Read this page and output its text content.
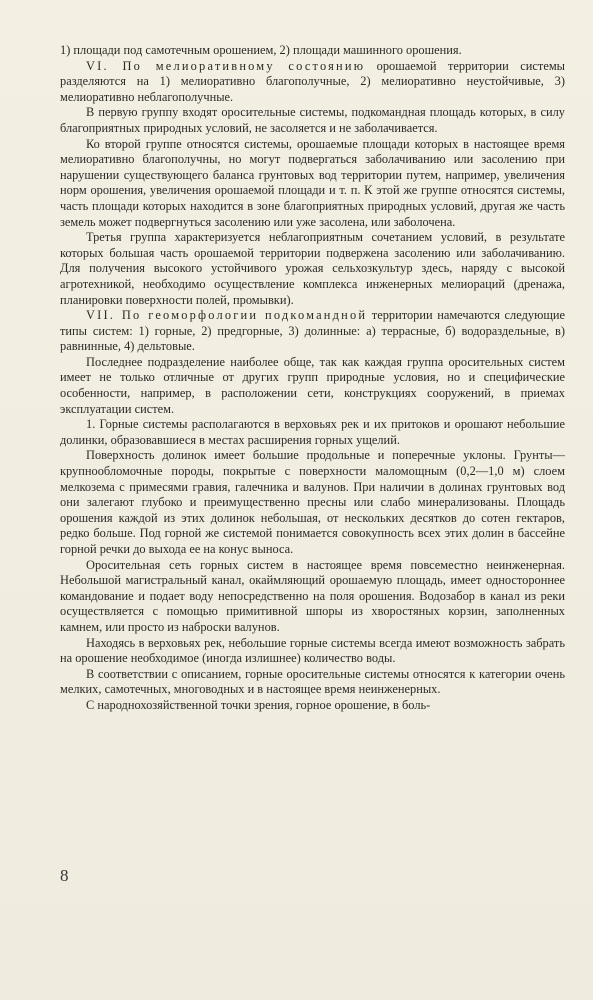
1) площади под самотечным орошением, 2) площади машинного орошения.

VI. По мелиоративному состоянию орошаемой территории системы разделяются на 1) мелиоративно благополучные, 2) мелиоративно неустойчивые, 3) мелиоративно неблагополучные.

В первую группу входят оросительные системы, подкомандная площадь которых, в силу благоприятных природных условий, не засоляется и не заболачивается.

Ко второй группе относятся системы, орошаемые площади которых в настоящее время мелиоративно благополучны, но могут подвергаться заболачиванию или засолению при нарушении существующего баланса грунтовых вод территории путем, например, увеличения норм орошения, увеличения орошаемой площади и т. п. К этой же группе относятся системы, часть площади которых находится в зоне благоприятных природных условий, другая же часть земель может подвергнуться засолению или уже засолена, или заболочена.

Третья группа характеризуется неблагоприятным сочетанием условий, в результате которых большая часть орошаемой территории подвержена засолению или заболачиванию. Для получения высокого устойчивого урожая сельхозкультур здесь, наряду с высокой агротехникой, необходимо осуществление комплекса инженерных мелиораций (дренажа, планировки поверхности полей, промывки).

VII. По геоморфологии подкомандной территории намечаются следующие типы систем: 1) горные, 2) предгорные, 3) долинные: а) террасные, б) водораздельные, в) равнинные, 4) дельтовые.

Последнее подразделение наиболее обще, так как каждая группа оросительных систем имеет не только отличные от других групп природные условия, но и специфические особенности, например, в расположении сети, конструкциях сооружений, в приемах эксплуатации систем.

1. Горные системы располагаются в верховьях рек и их притоков и орошают небольшие долинки, образовавшиеся в местах расширения горных ущелий.

Поверхность долинок имеет большие продольные и поперечные уклоны. Грунты—крупнообломочные породы, покрытые с поверхности маломощным (0,2—1,0 м) слоем мелкозема с примесями гравия, галечника и валунов. При наличии в долинах грунтовых вод они залегают глубоко и преимущественно пресны или слабо минерализованы. Площадь орошения каждой из этих долинок небольшая, от нескольких десятков до сотен гектаров, редко больше. Под горной же системой понимается совокупность всех этих долин в бассейне горной речки до выхода ее на конус выноса.

Оросительная сеть горных систем в настоящее время повсеместно неинженерная. Небольшой магистральный канал, окаймляющий орошаемую площадь, имеет одностороннее командование и подает воду непосредственно на поля орошения. Водозабор в канал из реки осуществляется с помощью примитивной шпоры из хворостяных корзин, заполненных камнем, или просто из наброски валунов.

Находясь в верховьях рек, небольшие горные системы всегда имеют возможность забрать на орошение необходимое (иногда излишнее) количество воды.

В соответствии с описанием, горные оросительные системы относятся к категории очень мелких, самотечных, многоводных и в настоящее время неинженерных.

С народнохозяйственной точки зрения, горное орошение, в боль-

8
